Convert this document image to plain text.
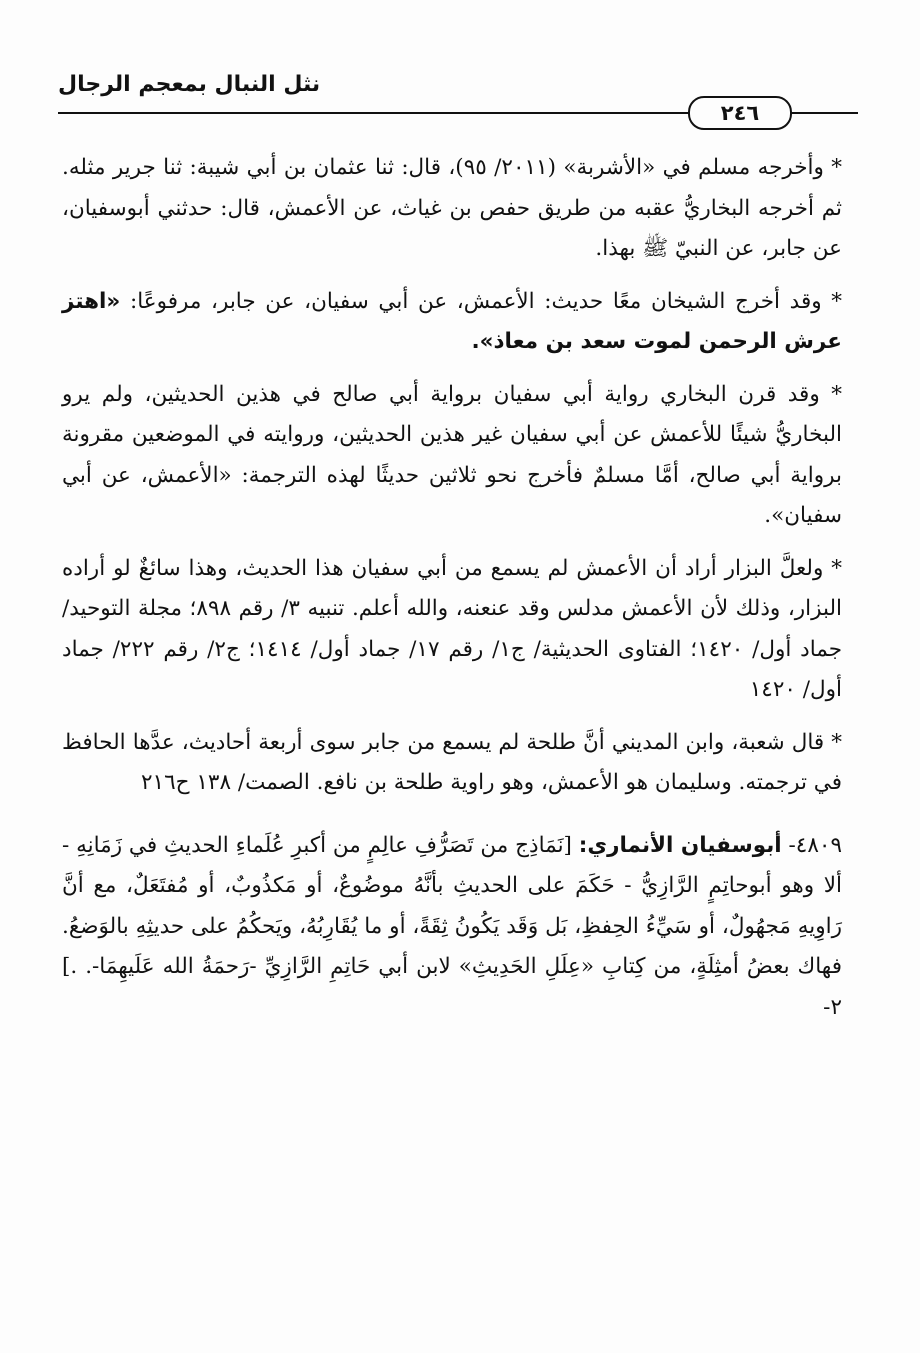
نثل النبال بمعجم الرجال
٢٤٦

* وأخرجه مسلم في «الأشربة» (٢٠١١/ ٩٥)، قال: ثنا عثمان بن أبي شيبة: ثنا جرير مثله. ثم أخرجه البخاريُّ عقبه من طريق حفص بن غياث، عن الأعمش، قال: حدثني أبوسفيان، عن جابر، عن النبيّ ﷺ بهذا.

* وقد أخرج الشيخان معًا حديث: الأعمش، عن أبي سفيان، عن جابر، مرفوعًا: «اهتز عرش الرحمن لموت سعد بن معاذ».

* وقد قرن البخاري رواية أبي سفيان برواية أبي صالح في هذين الحديثين، ولم يرو البخاريُّ شيئًا للأعمش عن أبي سفيان غير هذين الحديثين، وروايته في الموضعين مقرونة برواية أبي صالح، أمَّا مسلمٌ فأخرج نحو ثلاثين حديثًا لهذه الترجمة: «الأعمش، عن أبي سفيان».

* ولعلَّ البزار أراد أن الأعمش لم يسمع من أبي سفيان هذا الحديث، وهذا سائغٌ لو أراده البزار، وذلك لأن الأعمش مدلس وقد عنعنه، والله أعلم. تنبيه ٣/ رقم ٨٩٨؛ مجلة التوحيد/ جماد أول/ ١٤٢٠؛ الفتاوى الحديثية/ ج١/ رقم ١٧/ جماد أول/ ١٤١٤؛ ج٢/ رقم ٢٢٢/ جماد أول/ ١٤٢٠

* قال شعبة، وابن المديني أنَّ طلحة لم يسمع من جابر سوى أربعة أحاديث، عدَّها الحافظ في ترجمته. وسليمان هو الأعمش، وهو راوية طلحة بن نافع. الصمت/ ١٣٨ ح٢١٦

٤٨٠٩- أبوسفيان الأنماري: [نَمَاذِج من تَصَرُّفِ عالِمٍ من أكبرِ عُلَماءِ الحديثِ في زَمَانِهِ - ألا وهو أبوحاتِمٍ الرَّازِيُّ - حَكَمَ على الحديثِ بأنَّهُ موضُوعٌ، أو مَكذُوبٌ، أو مُفتَعَلٌ، مع أنَّ رَاوِيهِ مَجهُولٌ، أو سَيِّءُ الحِفظِ، بَل وَقَد يَكُونُ ثِقَةً، أو ما يُقَارِبُهُ، ويَحكُمُ على حديثِهِ بالوَضعُ. فهاك بعضُ أمثِلَةٍ، من كِتابِ «عِلَلِ الحَدِيثِ» لابن أبي حَاتِمِ الرَّازِيِّ -رَحمَةُ الله عَلَيهِمَا-. .] ٢-
